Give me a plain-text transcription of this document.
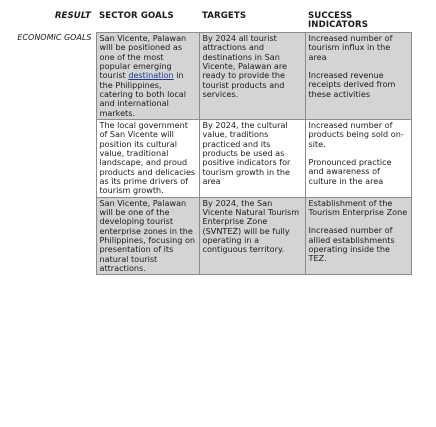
RESULT	SECTOR GOALS	TARGETS	SUCCESS INDICATORS
ECONOMIC GOALS	San Vicente, Palawan will be positioned as one of the most popular emerging tourist destination in the Philippines, catering to both local and international markets.	By 2024 all tourist attractions and destinations in San Vicente, Palawan are ready to provide the tourist products and services.	Increased number of tourism influx in the area
Increased revenue receipts derived from these activities

	The local government of San Vicente will position its cultural value, traditional landscape, and proud products and delicacies as its prime drivers of tourism growth.	By 2024, the cultural value, traditions practiced and its products be used as positive indicators for tourism growth in the area	Increased number of products being sold on-site.
Pronounced practice and awareness of culture in the area

	San Vicente, Palawan will be one of the developing tourist enterprise zones in the Philippines, focusing on presentation of its natural tourist attractions.	By 2024, the San Vicente Natural Tourism Enterprise Zone (SVNTEZ) will be fully operating in a contiguous territory.	Establishment of the Tourism Enterprise Zone
Increased number of allied establishments operating inside the TEZ.
